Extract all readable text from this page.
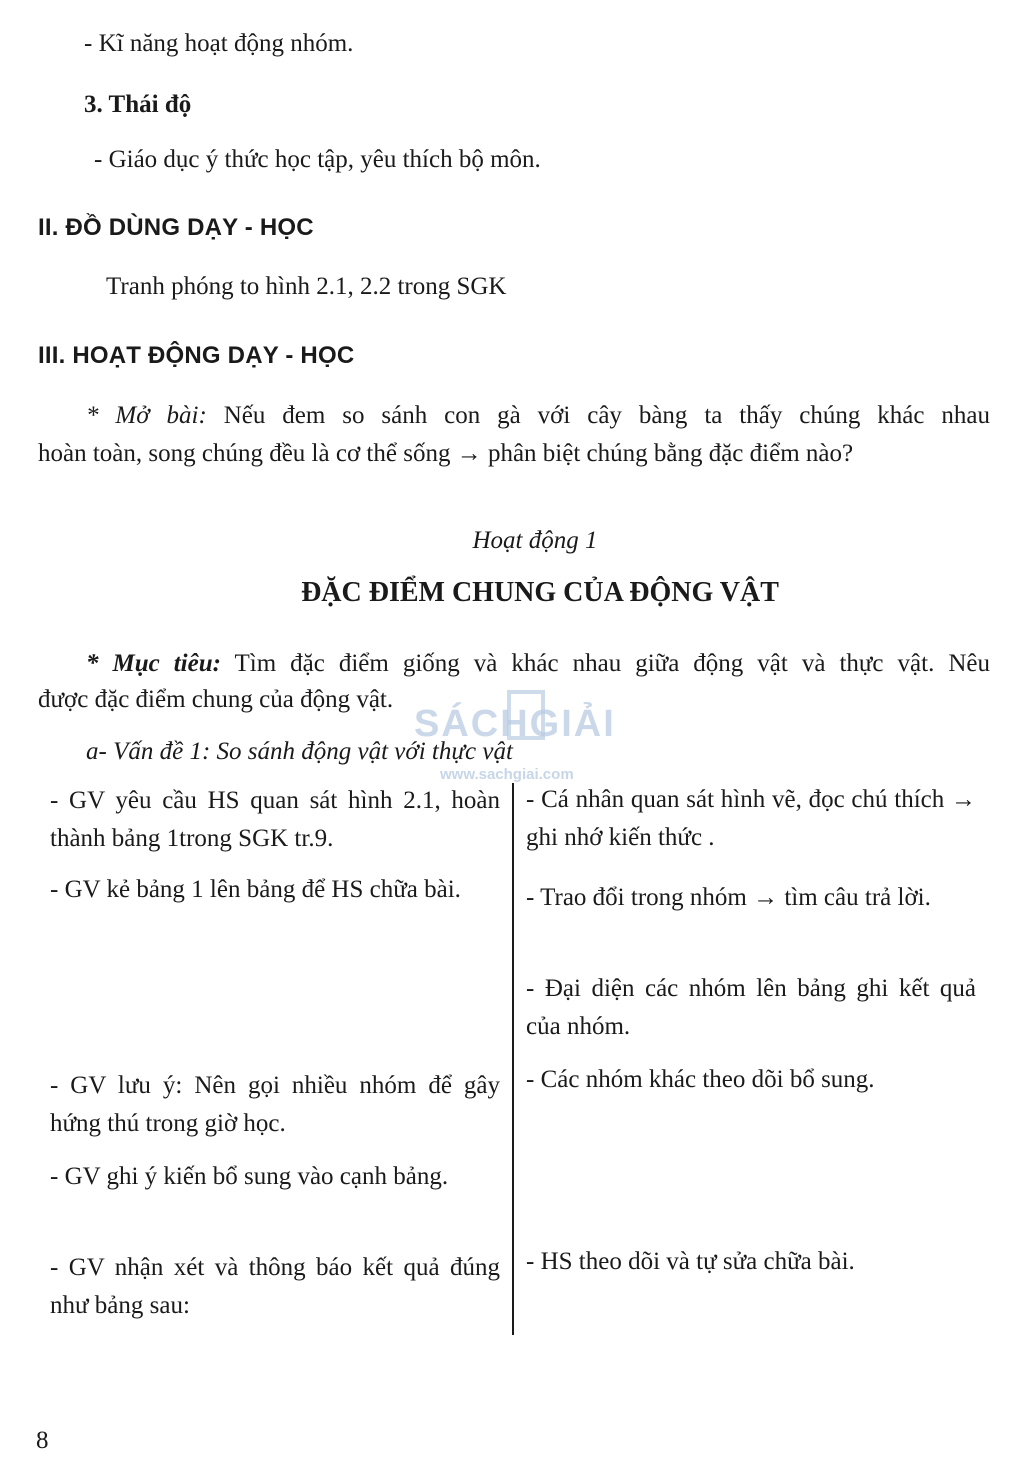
- Kĩ năng hoạt động nhóm.
3. Thái độ
- Giáo dục ý thức học tập, yêu thích bộ môn.
II. ĐỒ DÙNG DẠY - HỌC
Tranh phóng to hình 2.1, 2.2 trong SGK
III. HOẠT ĐỘNG DẠY - HỌC
* Mở bài: Nếu đem so sánh con gà với cây bàng ta thấy chúng khác nhau
hoàn toàn, song chúng đều là cơ thể sống → phân biệt chúng bằng đặc điểm nào?
Hoạt động 1
ĐẶC ĐIỂM CHUNG CỦA ĐỘNG VẬT
* Mục tiêu: Tìm đặc điểm giống và khác nhau giữa động vật và thực vật. Nêu
được đặc điểm chung của động vật.
a- Vấn đề 1: So sánh động vật với thực vật
SÁCHGIẢI
www.sachgiai.com
- GV yêu cầu HS quan sát hình 2.1, hoàn thành bảng 1trong SGK tr.9.
- GV kẻ bảng 1 lên bảng để HS chữa bài.
- GV lưu ý: Nên gọi nhiều nhóm để gây hứng thú trong giờ học.
- GV ghi ý kiến bổ sung vào cạnh bảng.
- GV nhận xét và thông báo kết quả đúng như bảng sau:
- Cá nhân quan sát hình vẽ, đọc chú thích → ghi nhớ kiến thức .
- Trao đổi trong nhóm → tìm câu trả lời.
- Đại diện các nhóm lên bảng ghi kết quả của nhóm.
- Các nhóm khác theo dõi bổ sung.
- HS theo dõi và tự sửa chữa bài.
8
